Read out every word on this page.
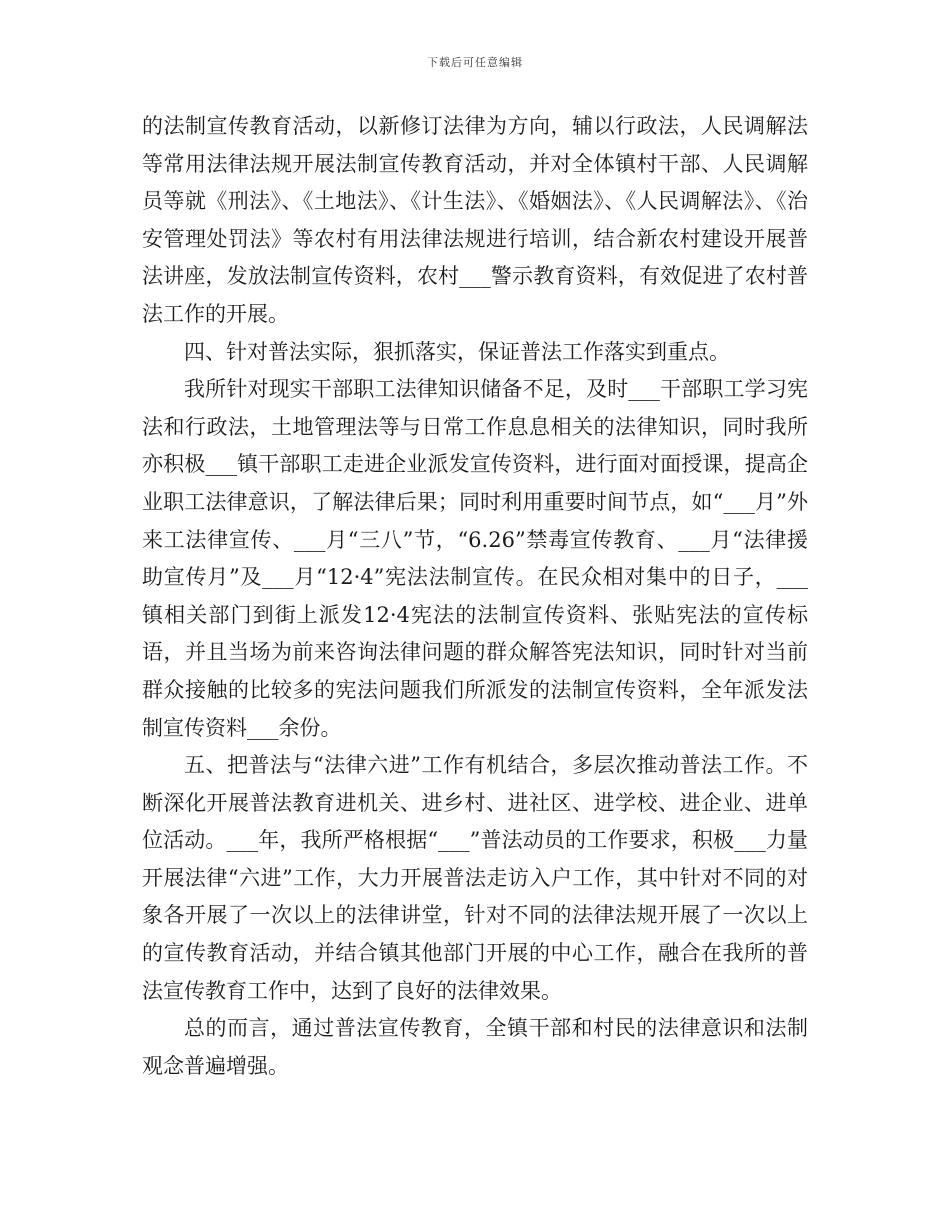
下载后可任意编辑

的法制宣传教育活动，以新修订法律为方向，辅以行政法，人民调解法等常用法律法规开展法制宣传教育活动，并对全体镇村干部、人民调解员等就《刑法》、《土地法》、《计生法》、《婚姻法》、《人民调解法》、《治安管理处罚法》等农村有用法律法规进行培训，结合新农村建设开展普法讲座，发放法制宣传资料，农村___警示教育资料，有效促进了农村普法工作的开展。

四、针对普法实际，狠抓落实，保证普法工作落实到重点。

我所针对现实干部职工法律知识储备不足，及时___干部职工学习宪法和行政法，土地管理法等与日常工作息息相关的法律知识，同时我所亦积极___镇干部职工走进企业派发宣传资料，进行面对面授课，提高企业职工法律意识，了解法律后果；同时利用重要时间节点，如“___月”外来工法律宣传、___月“三八”节，“6.26”禁毒宣传教育、___月“法律援助宣传月”及___月“12·4”宪法法制宣传。在民众相对集中的日子，___镇相关部门到街上派发12·4宪法的法制宣传资料、张贴宪法的宣传标语，并且当场为前来咨询法律问题的群众解答宪法知识，同时针对当前群众接触的比较多的宪法问题我们所派发的法制宣传资料，全年派发法制宣传资料___余份。

五、把普法与“法律六进”工作有机结合，多层次推动普法工作。不断深化开展普法教育进机关、进乡村、进社区、进学校、进企业、进单位活动。___年，我所严格根据“___”普法动员的工作要求，积极___力量开展法律“六进”工作，大力开展普法走访入户工作，其中针对不同的对象各开展了一次以上的法律讲堂，针对不同的法律法规开展了一次以上的宣传教育活动，并结合镇其他部门开展的中心工作，融合在我所的普法宣传教育工作中，达到了良好的法律效果。

总的而言，通过普法宣传教育，全镇干部和村民的法律意识和法制观念普遍增强。
